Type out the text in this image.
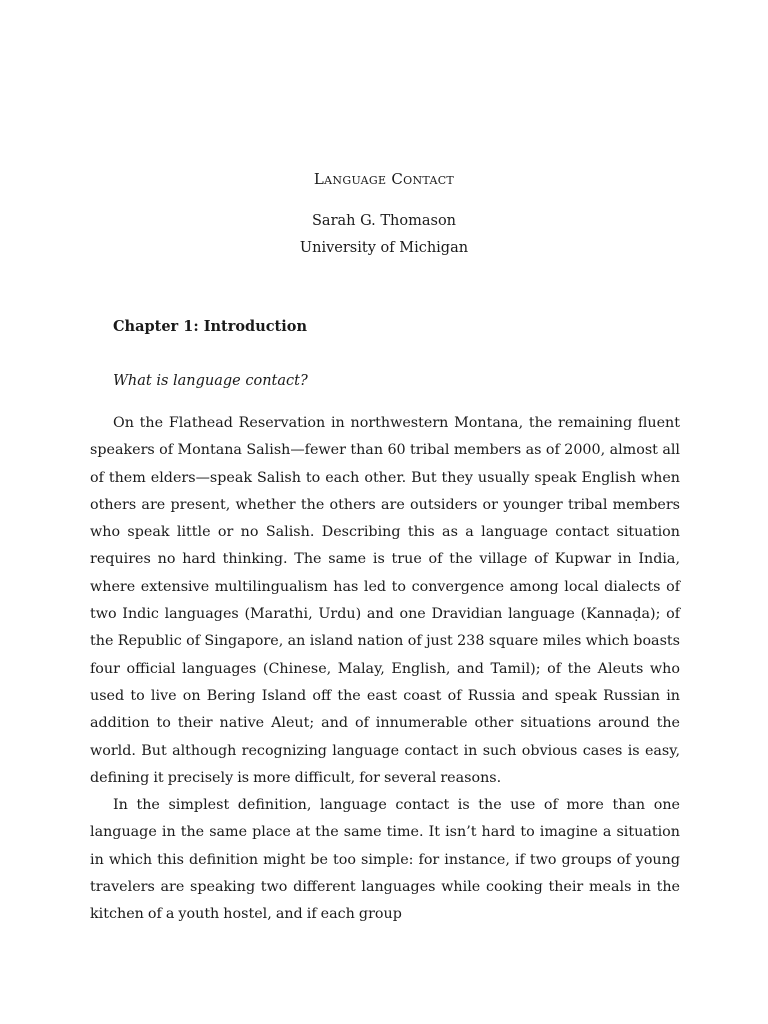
Language Contact
Sarah G. Thomason
University of Michigan
Chapter 1: Introduction
What is language contact?

On the Flathead Reservation in northwestern Montana, the remaining fluent speakers of Montana Salish—fewer than 60 tribal members as of 2000, almost all of them elders—speak Salish to each other. But they usually speak English when others are present, whether the others are outsiders or younger tribal members who speak little or no Salish. Describing this as a language contact situation requires no hard thinking. The same is true of the village of Kupwar in India, where extensive multilingualism has led to convergence among local dialects of two Indic languages (Marathi, Urdu) and one Dravidian language (Kannaḍa); of the Republic of Singapore, an island nation of just 238 square miles which boasts four official languages (Chinese, Malay, English, and Tamil); of the Aleuts who used to live on Bering Island off the east coast of Russia and speak Russian in addition to their native Aleut; and of innumerable other situations around the world. But although recognizing language contact in such obvious cases is easy, defining it precisely is more difficult, for several reasons.

In the simplest definition, language contact is the use of more than one language in the same place at the same time. It isn’t hard to imagine a situation in which this definition might be too simple: for instance, if two groups of young travelers are speaking two different languages while cooking their meals in the kitchen of a youth hostel, and if each group
